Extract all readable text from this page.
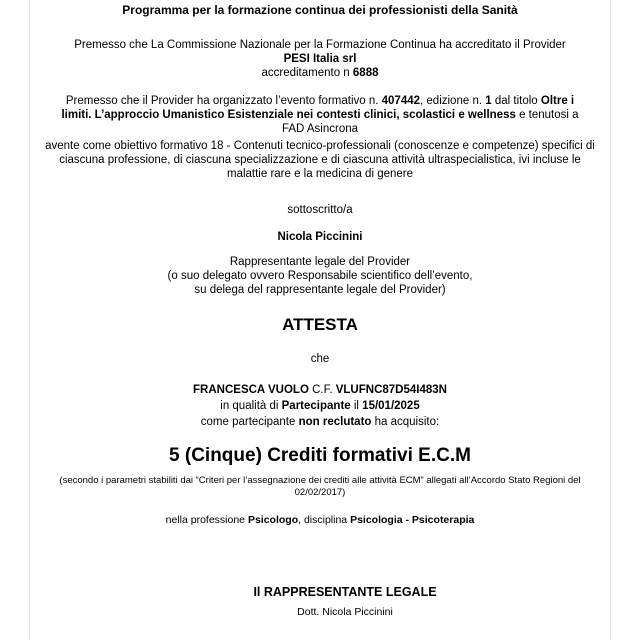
Programma per la formazione continua dei professionisti della Sanità
Premesso che La Commissione Nazionale per la Formazione Continua ha accreditato il Provider
PESI Italia srl
accreditamento n 6888
Premesso che il Provider ha organizzato l’evento formativo n. 407442, edizione n. 1 dal titolo Oltre i limiti. L’approccio Umanistico Esistenziale nei contesti clinici, scolastici e wellness e tenutosi a FAD Asincrona
avente come obiettivo formativo 18 - Contenuti tecnico-professionali (conoscenze e competenze) specifici di ciascuna professione, di ciascuna specializzazione e di ciascuna attività ultraspecialistica, ivi incluse le malattie rare e la medicina di genere
sottoscritto/a
Nicola Piccinini
Rappresentante legale del Provider
(o suo delegato ovvero Responsabile scientifico dell’evento,
su delega del rappresentante legale del Provider)
ATTESTA
che
FRANCESCA VUOLO C.F. VLUFNC87D54I483N
in qualità di Partecipante il 15/01/2025
come partecipante non reclutato ha acquisito:
5 (Cinque) Crediti formativi E.C.M
(secondo i parametri stabiliti dai “Criteri per l’assegnazione dei crediti alle attività ECM” allegati all’Accordo Stato Regioni del 02/02/2017)
nella professione Psicologo, disciplina Psicologia - Psicoterapia
Il RAPPRESENTANTE LEGALE
Dott. Nicola Piccinini
